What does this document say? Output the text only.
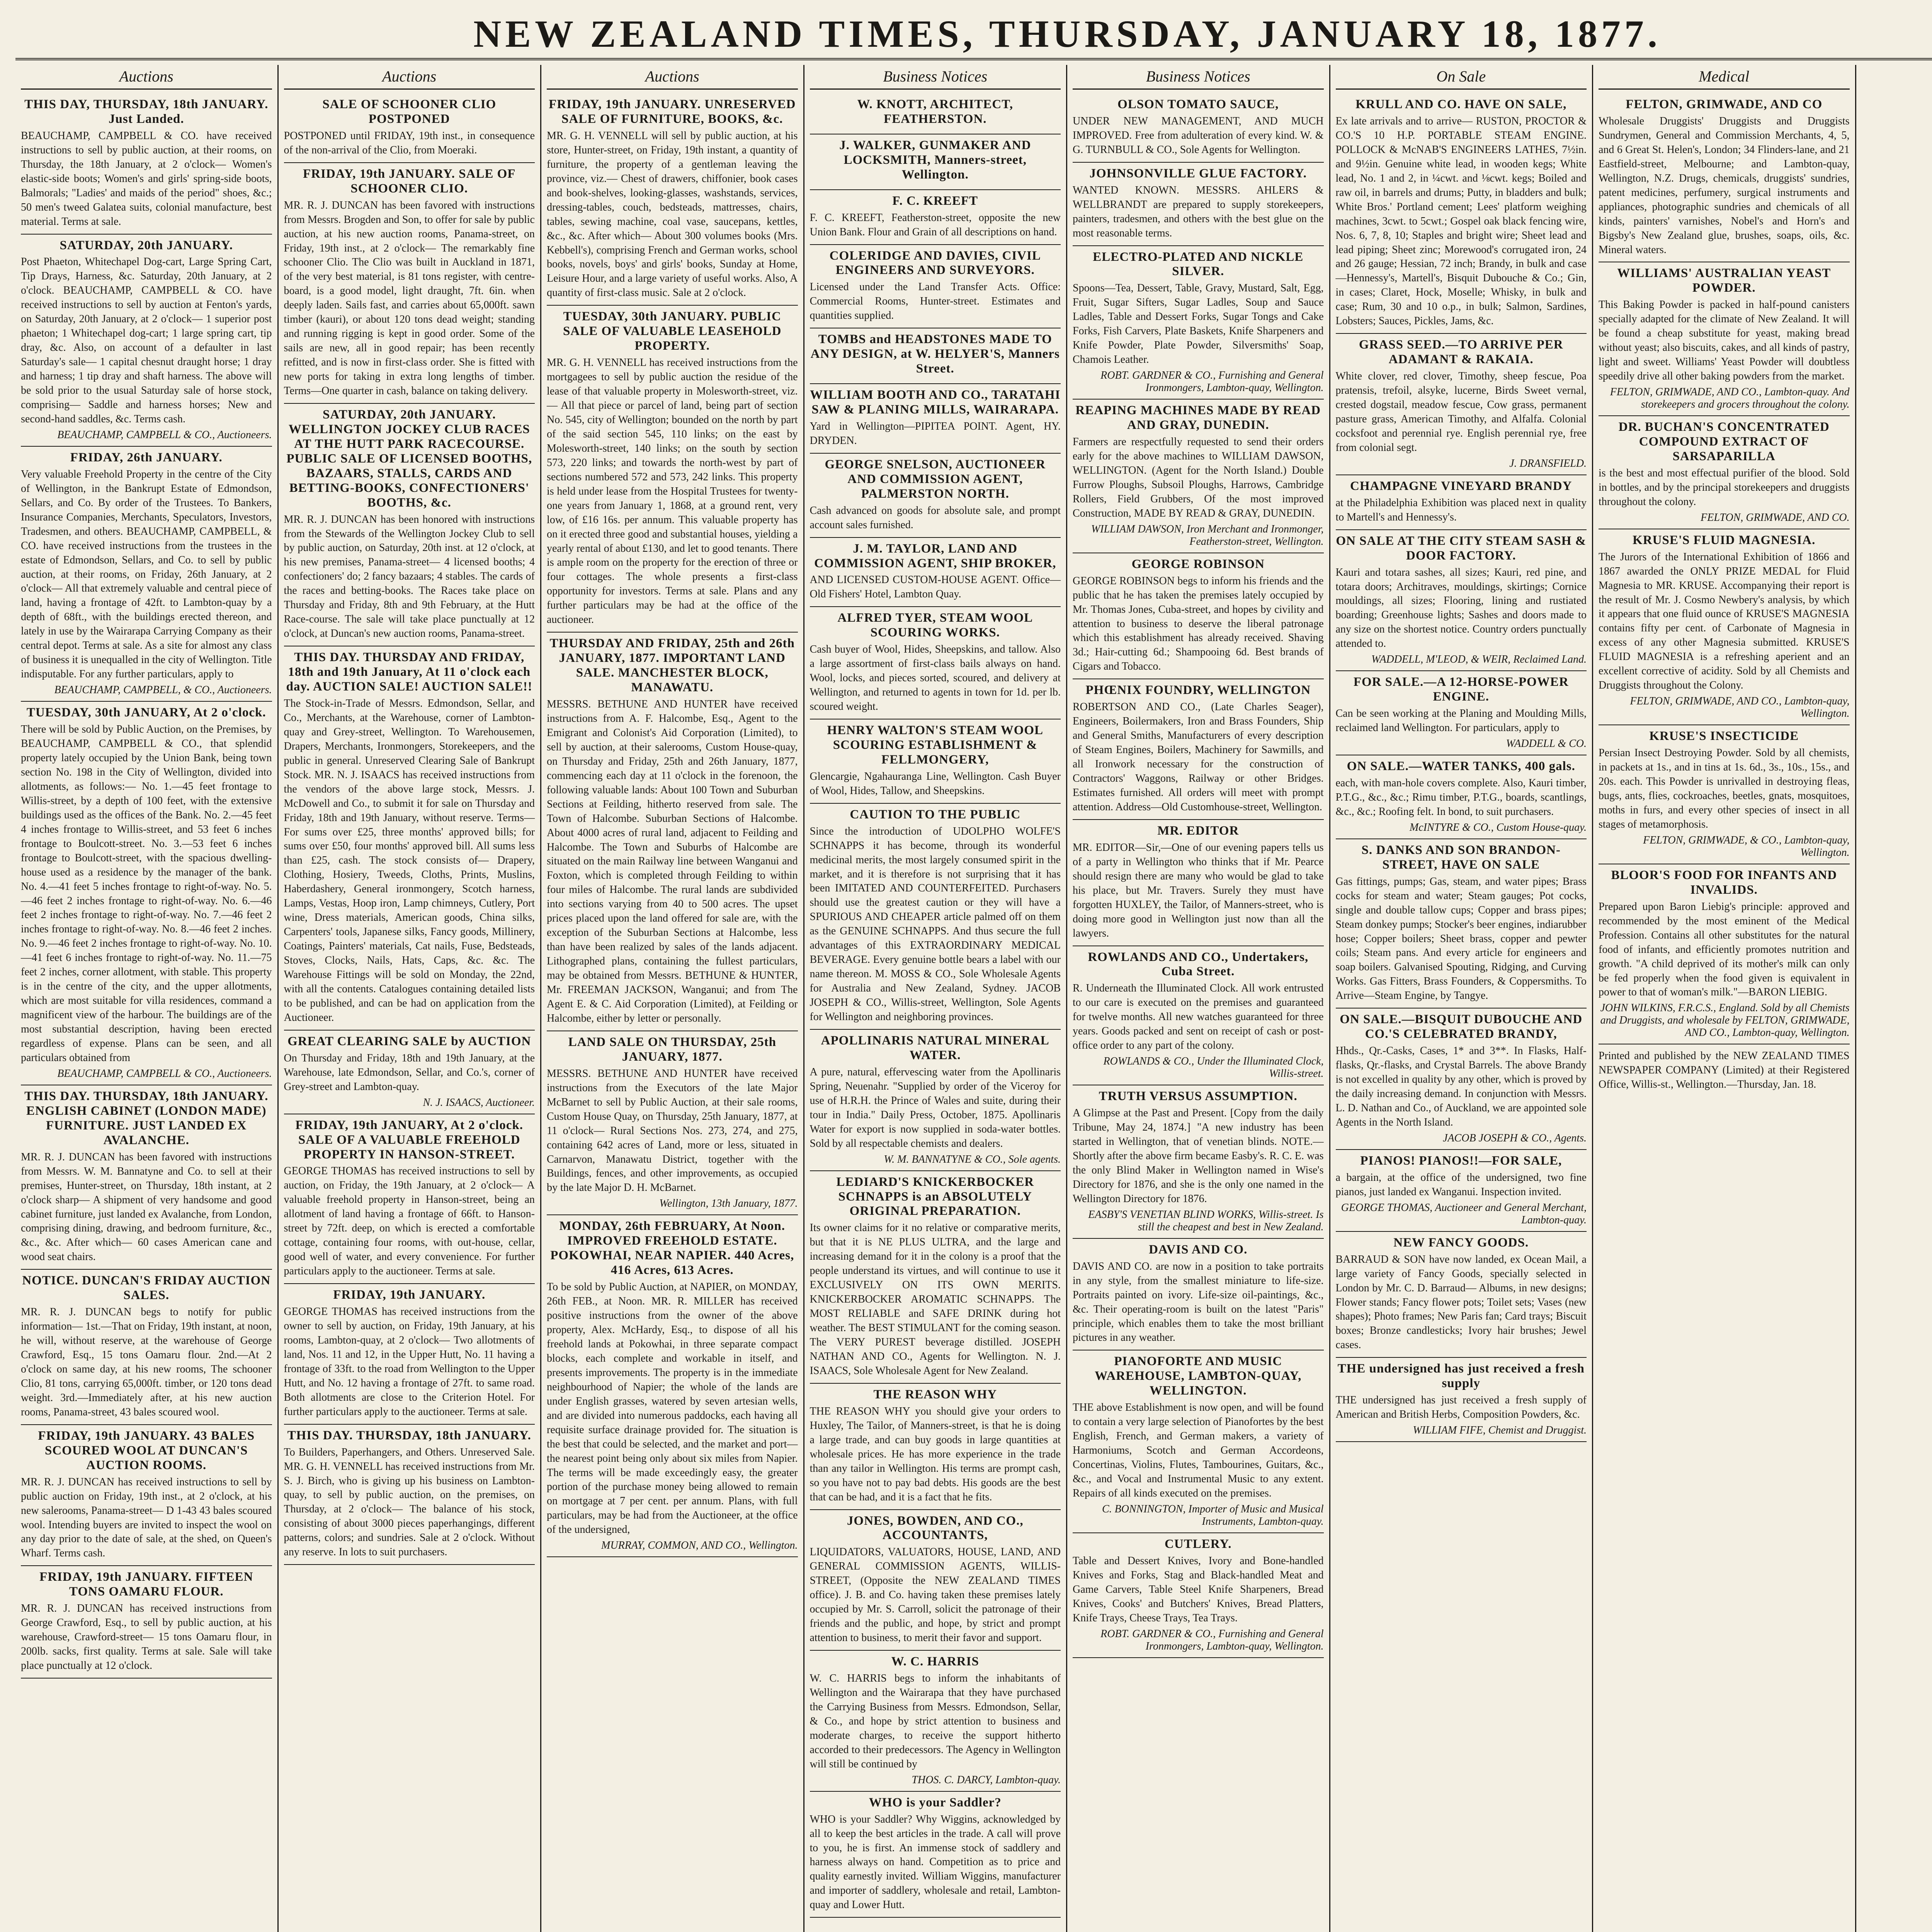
NEW ZEALAND TIMES, THURSDAY, JANUARY 18, 1877.
Auctions
THIS DAY, THURSDAY, 18th JANUARY. Just Landed.
BEAUCHAMP, CAMPBELL & CO. have received instructions to sell by public auction, at their rooms, on Thursday, the 18th January, at 2 o'clock— Women's elastic-side boots; Women's and girls' spring-side boots, Balmorals; "Ladies' and maids of the period" shoes, &c.; 50 men's tweed Galatea suits, colonial manufacture, best material. Terms at sale.
SATURDAY, 20th JANUARY.
Post Phaeton, Whitechapel Dog-cart, Large Spring Cart, Tip Drays, Harness, &c. Saturday, 20th January, at 2 o'clock. BEAUCHAMP, CAMPBELL & CO. have received instructions to sell by auction at Fenton's yards, on Saturday, 20th January, at 2 o'clock— 1 superior post phaeton; 1 Whitechapel dog-cart; 1 large spring cart, tip dray, &c. Also, on account of a defaulter in last Saturday's sale— 1 capital chesnut draught horse; 1 dray and harness; 1 tip dray and shaft harness. The above will be sold prior to the usual Saturday sale of horse stock, comprising— Saddle and harness horses; New and second-hand saddles, &c. Terms cash.
BEAUCHAMP, CAMPBELL & CO., Auctioneers.
FRIDAY, 26th JANUARY.
Very valuable Freehold Property in the centre of the City of Wellington, in the Bankrupt Estate of Edmondson, Sellars, and Co. By order of the Trustees. To Bankers, Insurance Companies, Merchants, Speculators, Investors, Tradesmen, and others. BEAUCHAMP, CAMPBELL, & CO. have received instructions from the trustees in the estate of Edmondson, Sellars, and Co. to sell by public auction, at their rooms, on Friday, 26th January, at 2 o'clock— All that extremely valuable and central piece of land, having a frontage of 42ft. to Lambton-quay by a depth of 68ft., with the buildings erected thereon, and lately in use by the Wairarapa Carrying Company as their central depot. Terms at sale. As a site for almost any class of business it is unequalled in the city of Wellington. Title indisputable. For any further particulars, apply to
BEAUCHAMP, CAMPBELL, & CO., Auctioneers.
TUESDAY, 30th JANUARY, At 2 o'clock.
There will be sold by Public Auction, on the Premises, by BEAUCHAMP, CAMPBELL & CO., that splendid property lately occupied by the Union Bank, being town section No. 198 in the City of Wellington, divided into allotments, as follows:— No. 1.—45 feet frontage to Willis-street, by a depth of 100 feet, with the extensive buildings used as the offices of the Bank. No. 2.—45 feet 4 inches frontage to Willis-street, and 53 feet 6 inches frontage to Boulcott-street. No. 3.—53 feet 6 inches frontage to Boulcott-street, with the spacious dwelling-house used as a residence by the manager of the bank. No. 4.—41 feet 5 inches frontage to right-of-way. No. 5.—46 feet 2 inches frontage to right-of-way. No. 6.—46 feet 2 inches frontage to right-of-way. No. 7.—46 feet 2 inches frontage to right-of-way. No. 8.—46 feet 2 inches. No. 9.—46 feet 2 inches frontage to right-of-way. No. 10.—41 feet 6 inches frontage to right-of-way. No. 11.—75 feet 2 inches, corner allotment, with stable. This property is in the centre of the city, and the upper allotments, which are most suitable for villa residences, command a magnificent view of the harbour. The buildings are of the most substantial description, having been erected regardless of expense. Plans can be seen, and all particulars obtained from
BEAUCHAMP, CAMPBELL & CO., Auctioneers.
THIS DAY. THURSDAY, 18th JANUARY. ENGLISH CABINET (LONDON MADE) FURNITURE. JUST LANDED EX AVALANCHE.
MR. R. J. DUNCAN has been favored with instructions from Messrs. W. M. Bannatyne and Co. to sell at their premises, Hunter-street, on Thursday, 18th instant, at 2 o'clock sharp— A shipment of very handsome and good cabinet furniture, just landed ex Avalanche, from London, comprising dining, drawing, and bedroom furniture, &c., &c., &c. After which— 60 cases American cane and wood seat chairs.
NOTICE. DUNCAN'S FRIDAY AUCTION SALES.
MR. R. J. DUNCAN begs to notify for public information— 1st.—That on Friday, 19th instant, at noon, he will, without reserve, at the warehouse of George Crawford, Esq., 15 tons Oamaru flour. 2nd.—At 2 o'clock on same day, at his new rooms, The schooner Clio, 81 tons, carrying 65,000ft. timber, or 120 tons dead weight. 3rd.—Immediately after, at his new auction rooms, Panama-street, 43 bales scoured wool.
FRIDAY, 19th JANUARY. 43 BALES SCOURED WOOL AT DUNCAN'S AUCTION ROOMS.
MR. R. J. DUNCAN has received instructions to sell by public auction on Friday, 19th inst., at 2 o'clock, at his new salerooms, Panama-street— D 1-43 43 bales scoured wool. Intending buyers are invited to inspect the wool on any day prior to the date of sale, at the shed, on Queen's Wharf. Terms cash.
FRIDAY, 19th JANUARY. FIFTEEN TONS OAMARU FLOUR.
MR. R. J. DUNCAN has received instructions from George Crawford, Esq., to sell by public auction, at his warehouse, Crawford-street— 15 tons Oamaru flour, in 200lb. sacks, first quality. Terms at sale. Sale will take place punctually at 12 o'clock.
Auctions
SALE OF SCHOONER CLIO POSTPONED
POSTPONED until FRIDAY, 19th inst., in consequence of the non-arrival of the Clio, from Moeraki.
FRIDAY, 19th JANUARY. SALE OF SCHOONER CLIO.
MR. R. J. DUNCAN has been favored with instructions from Messrs. Brogden and Son, to offer for sale by public auction, at his new auction rooms, Panama-street, on Friday, 19th inst., at 2 o'clock— The remarkably fine schooner Clio. The Clio was built in Auckland in 1871, of the very best material, is 81 tons register, with centre-board, is a good model, light draught, 7ft. 6in. when deeply laden. Sails fast, and carries about 65,000ft. sawn timber (kauri), or about 120 tons dead weight; standing and running rigging is kept in good order. Some of the sails are new, all in good repair; has been recently refitted, and is now in first-class order. She is fitted with new ports for taking in extra long lengths of timber. Terms—One quarter in cash, balance on taking delivery.
SATURDAY, 20th JANUARY. WELLINGTON JOCKEY CLUB RACES AT THE HUTT PARK RACECOURSE. PUBLIC SALE OF LICENSED BOOTHS, BAZAARS, STALLS, CARDS AND BETTING-BOOKS, CONFECTIONERS' BOOTHS, &c.
MR. R. J. DUNCAN has been honored with instructions from the Stewards of the Wellington Jockey Club to sell by public auction, on Saturday, 20th inst. at 12 o'clock, at his new premises, Panama-street— 4 licensed booths; 4 confectioners' do; 2 fancy bazaars; 4 stables. The cards of the races and betting-books. The Races take place on Thursday and Friday, 8th and 9th February, at the Hutt Race-course. The sale will take place punctually at 12 o'clock, at Duncan's new auction rooms, Panama-street.
THIS DAY. THURSDAY AND FRIDAY, 18th and 19th January, At 11 o'clock each day. AUCTION SALE! AUCTION SALE!!
The Stock-in-Trade of Messrs. Edmondson, Sellar, and Co., Merchants, at the Warehouse, corner of Lambton-quay and Grey-street, Wellington. To Warehousemen, Drapers, Merchants, Ironmongers, Storekeepers, and the public in general. Unreserved Clearing Sale of Bankrupt Stock. MR. N. J. ISAACS has received instructions from the vendors of the above large stock, Messrs. J. McDowell and Co., to submit it for sale on Thursday and Friday, 18th and 19th January, without reserve. Terms—For sums over £25, three months' approved bills; for sums over £50, four months' approved bill. All sums less than £25, cash. The stock consists of— Drapery, Clothing, Hosiery, Tweeds, Cloths, Prints, Muslins, Haberdashery, General ironmongery, Scotch harness, Lamps, Vestas, Hoop iron, Lamp chimneys, Cutlery, Port wine, Dress materials, American goods, China silks, Carpenters' tools, Japanese silks, Fancy goods, Millinery, Coatings, Painters' materials, Cat nails, Fuse, Bedsteads, Stoves, Clocks, Nails, Hats, Caps, &c. &c. The Warehouse Fittings will be sold on Monday, the 22nd, with all the contents. Catalogues containing detailed lists to be published, and can be had on application from the Auctioneer.
GREAT CLEARING SALE by AUCTION
On Thursday and Friday, 18th and 19th January, at the Warehouse, late Edmondson, Sellar, and Co.'s, corner of Grey-street and Lambton-quay.
N. J. ISAACS, Auctioneer.
FRIDAY, 19th JANUARY, At 2 o'clock. SALE OF A VALUABLE FREEHOLD PROPERTY IN HANSON-STREET.
GEORGE THOMAS has received instructions to sell by auction, on Friday, the 19th January, at 2 o'clock— A valuable freehold property in Hanson-street, being an allotment of land having a frontage of 66ft. to Hanson-street by 72ft. deep, on which is erected a comfortable cottage, containing four rooms, with out-house, cellar, good well of water, and every convenience. For further particulars apply to the auctioneer. Terms at sale.
FRIDAY, 19th JANUARY.
GEORGE THOMAS has received instructions from the owner to sell by auction, on Friday, 19th January, at his rooms, Lambton-quay, at 2 o'clock— Two allotments of land, Nos. 11 and 12, in the Upper Hutt, No. 11 having a frontage of 33ft. to the road from Wellington to the Upper Hutt, and No. 12 having a frontage of 27ft. to same road. Both allotments are close to the Criterion Hotel. For further particulars apply to the auctioneer. Terms at sale.
THIS DAY. THURSDAY, 18th JANUARY.
To Builders, Paperhangers, and Others. Unreserved Sale. MR. G. H. VENNELL has received instructions from Mr. S. J. Birch, who is giving up his business on Lambton-quay, to sell by public auction, on the premises, on Thursday, at 2 o'clock— The balance of his stock, consisting of about 3000 pieces paperhangings, different patterns, colors; and sundries. Sale at 2 o'clock. Without any reserve. In lots to suit purchasers.
Auctions
FRIDAY, 19th JANUARY. UNRESERVED SALE OF FURNITURE, BOOKS, &c.
MR. G. H. VENNELL will sell by public auction, at his store, Hunter-street, on Friday, 19th instant, a quantity of furniture, the property of a gentleman leaving the province, viz.— Chest of drawers, chiffonier, book cases and book-shelves, looking-glasses, washstands, services, dressing-tables, couch, bedsteads, mattresses, chairs, tables, sewing machine, coal vase, saucepans, kettles, &c., &c. After which— About 300 volumes books (Mrs. Kebbell's), comprising French and German works, school books, novels, boys' and girls' books, Sunday at Home, Leisure Hour, and a large variety of useful works. Also, A quantity of first-class music. Sale at 2 o'clock.
TUESDAY, 30th JANUARY. PUBLIC SALE OF VALUABLE LEASEHOLD PROPERTY.
MR. G. H. VENNELL has received instructions from the mortgagees to sell by public auction the residue of the lease of that valuable property in Molesworth-street, viz.— All that piece or parcel of land, being part of section No. 545, city of Wellington; bounded on the north by part of the said section 545, 110 links; on the east by Molesworth-street, 140 links; on the south by section 573, 220 links; and towards the north-west by part of sections numbered 572 and 573, 242 links. This property is held under lease from the Hospital Trustees for twenty-one years from January 1, 1868, at a ground rent, very low, of £16 16s. per annum. This valuable property has on it erected three good and substantial houses, yielding a yearly rental of about £130, and let to good tenants. There is ample room on the property for the erection of three or four cottages. The whole presents a first-class opportunity for investors. Terms at sale. Plans and any further particulars may be had at the office of the auctioneer.
THURSDAY AND FRIDAY, 25th and 26th JANUARY, 1877. IMPORTANT LAND SALE. MANCHESTER BLOCK, MANAWATU.
MESSRS. BETHUNE AND HUNTER have received instructions from A. F. Halcombe, Esq., Agent to the Emigrant and Colonist's Aid Corporation (Limited), to sell by auction, at their salerooms, Custom House-quay, on Thursday and Friday, 25th and 26th January, 1877, commencing each day at 11 o'clock in the forenoon, the following valuable lands: About 100 Town and Suburban Sections at Feilding, hitherto reserved from sale. The Town of Halcombe. Suburban Sections of Halcombe. About 4000 acres of rural land, adjacent to Feilding and Halcombe. The Town and Suburbs of Halcombe are situated on the main Railway line between Wanganui and Foxton, which is completed through Feilding to within four miles of Halcombe. The rural lands are subdivided into sections varying from 40 to 500 acres. The upset prices placed upon the land offered for sale are, with the exception of the Suburban Sections at Halcombe, less than have been realized by sales of the lands adjacent. Lithographed plans, containing the fullest particulars, may be obtained from Messrs. BETHUNE & HUNTER, Mr. FREEMAN JACKSON, Wanganui; and from The Agent E. & C. Aid Corporation (Limited), at Feilding or Halcombe, either by letter or personally.
LAND SALE ON THURSDAY, 25th JANUARY, 1877.
MESSRS. BETHUNE AND HUNTER have received instructions from the Executors of the late Major McBarnet to sell by Public Auction, at their sale rooms, Custom House Quay, on Thursday, 25th January, 1877, at 11 o'clock— Rural Sections Nos. 273, 274, and 275, containing 642 acres of Land, more or less, situated in Carnarvon, Manawatu District, together with the Buildings, fences, and other improvements, as occupied by the late Major D. H. McBarnet.
Wellington, 13th January, 1877.
MONDAY, 26th FEBRUARY, At Noon. IMPROVED FREEHOLD ESTATE. POKOWHAI, NEAR NAPIER. 440 Acres, 416 Acres, 613 Acres.
To be sold by Public Auction, at NAPIER, on MONDAY, 26th FEB., at Noon. MR. R. MILLER has received positive instructions from the owner of the above property, Alex. McHardy, Esq., to dispose of all his freehold lands at Pokowhai, in three separate compact blocks, each complete and workable in itself, and presents improvements. The property is in the immediate neighbourhood of Napier; the whole of the lands are under English grasses, watered by seven artesian wells, and are divided into numerous paddocks, each having all requisite surface drainage provided for. The situation is the best that could be selected, and the market and port—the nearest point being only about six miles from Napier. The terms will be made exceedingly easy, the greater portion of the purchase money being allowed to remain on mortgage at 7 per cent. per annum. Plans, with full particulars, may be had from the Auctioneer, at the office of the undersigned,
MURRAY, COMMON, AND CO., Wellington.
Business Notices
W. KNOTT, ARCHITECT, FEATHERSTON.
J. WALKER, GUNMAKER AND LOCKSMITH, Manners-street, Wellington.
F. C. KREEFT
F. C. KREEFT, Featherston-street, opposite the new Union Bank. Flour and Grain of all descriptions on hand.
COLERIDGE AND DAVIES, CIVIL ENGINEERS AND SURVEYORS.
Licensed under the Land Transfer Acts. Office: Commercial Rooms, Hunter-street. Estimates and quantities supplied.
TOMBS and HEADSTONES MADE TO ANY DESIGN, at W. HELYER'S, Manners Street.
WILLIAM BOOTH AND CO., TARATAHI SAW & PLANING MILLS, WAIRARAPA.
Yard in Wellington—PIPITEA POINT. Agent, HY. DRYDEN.
GEORGE SNELSON, AUCTIONEER AND COMMISSION AGENT, PALMERSTON NORTH.
Cash advanced on goods for absolute sale, and prompt account sales furnished.
J. M. TAYLOR, LAND AND COMMISSION AGENT, SHIP BROKER,
AND LICENSED CUSTOM-HOUSE AGENT. Office—Old Fishers' Hotel, Lambton Quay.
ALFRED TYER, STEAM WOOL SCOURING WORKS.
Cash buyer of Wool, Hides, Sheepskins, and tallow. Also a large assortment of first-class bails always on hand. Wool, locks, and pieces sorted, scoured, and delivery at Wellington, and returned to agents in town for 1d. per lb. scoured weight.
HENRY WALTON'S STEAM WOOL SCOURING ESTABLISHMENT & FELLMONGERY,
Glencargie, Ngahauranga Line, Wellington. Cash Buyer of Wool, Hides, Tallow, and Sheepskins.
CAUTION TO THE PUBLIC
Since the introduction of UDOLPHO WOLFE'S SCHNAPPS it has become, through its wonderful medicinal merits, the most largely consumed spirit in the market, and it is therefore is not surprising that it has been IMITATED AND COUNTERFEITED. Purchasers should use the greatest caution or they will have a SPURIOUS AND CHEAPER article palmed off on them as the GENUINE SCHNAPPS. And thus secure the full advantages of this EXTRAORDINARY MEDICAL BEVERAGE. Every genuine bottle bears a label with our name thereon. M. MOSS & CO., Sole Wholesale Agents for Australia and New Zealand, Sydney. JACOB JOSEPH & CO., Willis-street, Wellington, Sole Agents for Wellington and neighboring provinces.
APOLLINARIS NATURAL MINERAL WATER.
A pure, natural, effervescing water from the Apollinaris Spring, Neuenahr. "Supplied by order of the Viceroy for use of H.R.H. the Prince of Wales and suite, during their tour in India." Daily Press, October, 1875. Apollinaris Water for export is now supplied in soda-water bottles. Sold by all respectable chemists and dealers.
W. M. BANNATYNE & CO., Sole agents.
LEDIARD'S KNICKERBOCKER SCHNAPPS is an ABSOLUTELY ORIGINAL PREPARATION.
Its owner claims for it no relative or comparative merits, but that it is NE PLUS ULTRA, and the large and increasing demand for it in the colony is a proof that the people understand its virtues, and will continue to use it EXCLUSIVELY ON ITS OWN MERITS. KNICKERBOCKER AROMATIC SCHNAPPS. The MOST RELIABLE and SAFE DRINK during hot weather. The BEST STIMULANT for the coming season. The VERY PUREST beverage distilled. JOSEPH NATHAN AND CO., Agents for Wellington. N. J. ISAACS, Sole Wholesale Agent for New Zealand.
THE REASON WHY
THE REASON WHY you should give your orders to Huxley, The Tailor, of Manners-street, is that he is doing a large trade, and can buy goods in large quantities at wholesale prices. He has more experience in the trade than any tailor in Wellington. His terms are prompt cash, so you have not to pay bad debts. His goods are the best that can be had, and it is a fact that he fits.
JONES, BOWDEN, AND CO., ACCOUNTANTS,
LIQUIDATORS, VALUATORS, HOUSE, LAND, AND GENERAL COMMISSION AGENTS, WILLIS-STREET, (Opposite the NEW ZEALAND TIMES office). J. B. and Co. having taken these premises lately occupied by Mr. S. Carroll, solicit the patronage of their friends and the public, and hope, by strict and prompt attention to business, to merit their favor and support.
W. C. HARRIS
W. C. HARRIS begs to inform the inhabitants of Wellington and the Wairarapa that they have purchased the Carrying Business from Messrs. Edmondson, Sellar, & Co., and hope by strict attention to business and moderate charges, to receive the support hitherto accorded to their predecessors. The Agency in Wellington will still be continued by
THOS. C. DARCY, Lambton-quay.
WHO is your Saddler?
WHO is your Saddler? Why Wiggins, acknowledged by all to keep the best articles in the trade. A call will prove to you, he is first. An immense stock of saddlery and harness always on hand. Competition as to price and quality earnestly invited. William Wiggins, manufacturer and importer of saddlery, wholesale and retail, Lambton-quay and Lower Hutt.
Business Notices
OLSON TOMATO SAUCE,
UNDER NEW MANAGEMENT, AND MUCH IMPROVED. Free from adulteration of every kind. W. & G. TURNBULL & CO., Sole Agents for Wellington.
JOHNSONVILLE GLUE FACTORY.
WANTED KNOWN. MESSRS. AHLERS & WELLBRANDT are prepared to supply storekeepers, painters, tradesmen, and others with the best glue on the most reasonable terms.
ELECTRO-PLATED AND NICKLE SILVER.
Spoons—Tea, Dessert, Table, Gravy, Mustard, Salt, Egg, Fruit, Sugar Sifters, Sugar Ladles, Soup and Sauce Ladles, Table and Dessert Forks, Sugar Tongs and Cake Forks, Fish Carvers, Plate Baskets, Knife Sharpeners and Knife Powder, Plate Powder, Silversmiths' Soap, Chamois Leather.
ROBT. GARDNER & CO., Furnishing and General Ironmongers, Lambton-quay, Wellington.
REAPING MACHINES MADE BY READ AND GRAY, DUNEDIN.
Farmers are respectfully requested to send their orders early for the above machines to WILLIAM DAWSON, WELLINGTON. (Agent for the North Island.) Double Furrow Ploughs, Subsoil Ploughs, Harrows, Cambridge Rollers, Field Grubbers, Of the most improved Construction, MADE BY READ & GRAY, DUNEDIN.
WILLIAM DAWSON, Iron Merchant and Ironmonger, Featherston-street, Wellington.
GEORGE ROBINSON
GEORGE ROBINSON begs to inform his friends and the public that he has taken the premises lately occupied by Mr. Thomas Jones, Cuba-street, and hopes by civility and attention to business to deserve the liberal patronage which this establishment has already received. Shaving 3d.; Hair-cutting 6d.; Shampooing 6d. Best brands of Cigars and Tobacco.
PHŒNIX FOUNDRY, WELLINGTON
ROBERTSON AND CO., (Late Charles Seager), Engineers, Boilermakers, Iron and Brass Founders, Ship and General Smiths, Manufacturers of every description of Steam Engines, Boilers, Machinery for Sawmills, and all Ironwork necessary for the construction of Contractors' Waggons, Railway or other Bridges. Estimates furnished. All orders will meet with prompt attention. Address—Old Customhouse-street, Wellington.
MR. EDITOR
MR. EDITOR—Sir,—One of our evening papers tells us of a party in Wellington who thinks that if Mr. Pearce should resign there are many who would be glad to take his place, but Mr. Travers. Surely they must have forgotten HUXLEY, the Tailor, of Manners-street, who is doing more good in Wellington just now than all the lawyers.
ROWLANDS AND CO., Undertakers, Cuba Street.
R. Underneath the Illuminated Clock. All work entrusted to our care is executed on the premises and guaranteed for twelve months. All new watches guaranteed for three years. Goods packed and sent on receipt of cash or post-office order to any part of the colony.
ROWLANDS & CO., Under the Illuminated Clock, Willis-street.
TRUTH VERSUS ASSUMPTION.
A Glimpse at the Past and Present. [Copy from the daily Tribune, May 24, 1874.] "A new industry has been started in Wellington, that of venetian blinds. NOTE.—Shortly after the above firm became Easby's. R. C. E. was the only Blind Maker in Wellington named in Wise's Directory for 1876, and she is the only one named in the Wellington Directory for 1876.
EASBY'S VENETIAN BLIND WORKS, Willis-street. Is still the cheapest and best in New Zealand.
DAVIS AND CO.
DAVIS AND CO. are now in a position to take portraits in any style, from the smallest miniature to life-size. Portraits painted on ivory. Life-size oil-paintings, &c., &c. Their operating-room is built on the latest "Paris" principle, which enables them to take the most brilliant pictures in any weather.
PIANOFORTE AND MUSIC WAREHOUSE, LAMBTON-QUAY, WELLINGTON.
THE above Establishment is now open, and will be found to contain a very large selection of Pianofortes by the best English, French, and German makers, a variety of Harmoniums, Scotch and German Accordeons, Concertinas, Violins, Flutes, Tambourines, Guitars, &c., &c., and Vocal and Instrumental Music to any extent. Repairs of all kinds executed on the premises.
C. BONNINGTON, Importer of Music and Musical Instruments, Lambton-quay.
CUTLERY.
Table and Dessert Knives, Ivory and Bone-handled Knives and Forks, Stag and Black-handled Meat and Game Carvers, Table Steel Knife Sharpeners, Bread Knives, Cooks' and Butchers' Knives, Bread Platters, Knife Trays, Cheese Trays, Tea Trays.
ROBT. GARDNER & CO., Furnishing and General Ironmongers, Lambton-quay, Wellington.
On Sale
KRULL AND CO. HAVE ON SALE,
Ex late arrivals and to arrive— RUSTON, PROCTOR & CO.'S 10 H.P. PORTABLE STEAM ENGINE. POLLOCK & McNAB'S ENGINEERS LATHES, 7½in. and 9½in. Genuine white lead, in wooden kegs; White lead, No. 1 and 2, in ¼cwt. and ⅛cwt. kegs; Boiled and raw oil, in barrels and drums; Putty, in bladders and bulk; White Bros.' Portland cement; Lees' platform weighing machines, 3cwt. to 5cwt.; Gospel oak black fencing wire, Nos. 6, 7, 8, 10; Staples and bright wire; Sheet lead and lead piping; Sheet zinc; Morewood's corrugated iron, 24 and 26 gauge; Hessian, 72 inch; Brandy, in bulk and case—Hennessy's, Martell's, Bisquit Dubouche & Co.; Gin, in cases; Claret, Hock, Moselle; Whisky, in bulk and case; Rum, 30 and 10 o.p., in bulk; Salmon, Sardines, Lobsters; Sauces, Pickles, Jams, &c.
GRASS SEED.—TO ARRIVE PER ADAMANT & RAKAIA.
White clover, red clover, Timothy, sheep fescue, Poa pratensis, trefoil, alsyke, lucerne, Birds Sweet vernal, crested dogstail, meadow fescue, Cow grass, permanent pasture grass, American Timothy, and Alfalfa. Colonial cocksfoot and perennial rye. English perennial rye, free from colonial segt.
J. DRANSFIELD.
CHAMPAGNE VINEYARD BRANDY
at the Philadelphia Exhibition was placed next in quality to Martell's and Hennessy's.
ON SALE AT THE CITY STEAM SASH & DOOR FACTORY.
Kauri and totara sashes, all sizes; Kauri, red pine, and totara doors; Architraves, mouldings, skirtings; Cornice mouldings, all sizes; Flooring, lining and rustiated boarding; Greenhouse lights; Sashes and doors made to any size on the shortest notice. Country orders punctually attended to.
WADDELL, M'LEOD, & WEIR, Reclaimed Land.
FOR SALE.—A 12-HORSE-POWER ENGINE.
Can be seen working at the Planing and Moulding Mills, reclaimed land Wellington. For particulars, apply to
WADDELL & CO.
ON SALE.—WATER TANKS, 400 gals.
each, with man-hole covers complete. Also, Kauri timber, P.T.G., &c., &c.; Rimu timber, P.T.G., boards, scantlings, &c., &c.; Roofing felt. In bond, to suit purchasers.
McINTYRE & CO., Custom House-quay.
S. DANKS AND SON BRANDON-STREET, HAVE ON SALE
Gas fittings, pumps; Gas, steam, and water pipes; Brass cocks for steam and water; Steam gauges; Pot cocks, single and double tallow cups; Copper and brass pipes; Steam donkey pumps; Stocker's beer engines, indiarubber hose; Copper boilers; Sheet brass, copper and pewter coils; Steam pans. And every article for engineers and soap boilers. Galvanised Spouting, Ridging, and Curving Works. Gas Fitters, Brass Founders, & Coppersmiths. To Arrive—Steam Engine, by Tangye.
ON SALE.—BISQUIT DUBOUCHE AND CO.'S CELEBRATED BRANDY,
Hhds., Qr.-Casks, Cases, 1* and 3**. In Flasks, Half-flasks, Qr.-flasks, and Crystal Barrels. The above Brandy is not excelled in quality by any other, which is proved by the daily increasing demand. In conjunction with Messrs. L. D. Nathan and Co., of Auckland, we are appointed sole Agents in the North Island.
JACOB JOSEPH & CO., Agents.
PIANOS! PIANOS!!—FOR SALE,
a bargain, at the office of the undersigned, two fine pianos, just landed ex Wanganui. Inspection invited.
GEORGE THOMAS, Auctioneer and General Merchant, Lambton-quay.
NEW FANCY GOODS.
BARRAUD & SON have now landed, ex Ocean Mail, a large variety of Fancy Goods, specially selected in London by Mr. C. D. Barraud— Albums, in new designs; Flower stands; Fancy flower pots; Toilet sets; Vases (new shapes); Photo frames; New Paris fan; Card trays; Biscuit boxes; Bronze candlesticks; Ivory hair brushes; Jewel cases.
THE undersigned has just received a fresh supply
THE undersigned has just received a fresh supply of American and British Herbs, Composition Powders, &c.
WILLIAM FIFE, Chemist and Druggist.
Medical
FELTON, GRIMWADE, AND CO
Wholesale Druggists' Druggists and Druggists Sundrymen, General and Commission Merchants, 4, 5, and 6 Great St. Helen's, London; 34 Flinders-lane, and 21 Eastfield-street, Melbourne; and Lambton-quay, Wellington, N.Z. Drugs, chemicals, druggists' sundries, patent medicines, perfumery, surgical instruments and appliances, photographic sundries and chemicals of all kinds, painters' varnishes, Nobel's and Horn's and Bigsby's New Zealand glue, brushes, soaps, oils, &c. Mineral waters.
WILLIAMS' AUSTRALIAN YEAST POWDER.
This Baking Powder is packed in half-pound canisters specially adapted for the climate of New Zealand. It will be found a cheap substitute for yeast, making bread without yeast; also biscuits, cakes, and all kinds of pastry, light and sweet. Williams' Yeast Powder will doubtless speedily drive all other baking powders from the market.
FELTON, GRIMWADE, AND CO., Lambton-quay. And storekeepers and grocers throughout the colony.
DR. BUCHAN'S CONCENTRATED COMPOUND EXTRACT OF SARSAPARILLA
is the best and most effectual purifier of the blood. Sold in bottles, and by the principal storekeepers and druggists throughout the colony.
FELTON, GRIMWADE, AND CO.
KRUSE'S FLUID MAGNESIA.
The Jurors of the International Exhibition of 1866 and 1867 awarded the ONLY PRIZE MEDAL for Fluid Magnesia to MR. KRUSE. Accompanying their report is the result of Mr. J. Cosmo Newbery's analysis, by which it appears that one fluid ounce of KRUSE'S MAGNESIA contains fifty per cent. of Carbonate of Magnesia in excess of any other Magnesia submitted. KRUSE'S FLUID MAGNESIA is a refreshing aperient and an excellent corrective of acidity. Sold by all Chemists and Druggists throughout the Colony.
FELTON, GRIMWADE, AND CO., Lambton-quay, Wellington.
KRUSE'S INSECTICIDE
Persian Insect Destroying Powder. Sold by all chemists, in packets at 1s., and in tins at 1s. 6d., 3s., 10s., 15s., and 20s. each. This Powder is unrivalled in destroying fleas, bugs, ants, flies, cockroaches, beetles, gnats, mosquitoes, moths in furs, and every other species of insect in all stages of metamorphosis.
FELTON, GRIMWADE, & CO., Lambton-quay, Wellington.
BLOOR'S FOOD FOR INFANTS AND INVALIDS.
Prepared upon Baron Liebig's principle: approved and recommended by the most eminent of the Medical Profession. Contains all other substitutes for the natural food of infants, and efficiently promotes nutrition and growth. "A child deprived of its mother's milk can only be fed properly when the food given is equivalent in power to that of woman's milk."—BARON LIEBIG.
JOHN WILKINS, F.R.C.S., England. Sold by all Chemists and Druggists, and wholesale by FELTON, GRIMWADE, AND CO., Lambton-quay, Wellington.
Printed and published by the NEW ZEALAND TIMES NEWSPAPER COMPANY (Limited) at their Registered Office, Willis-st., Wellington.—Thursday, Jan. 18.
